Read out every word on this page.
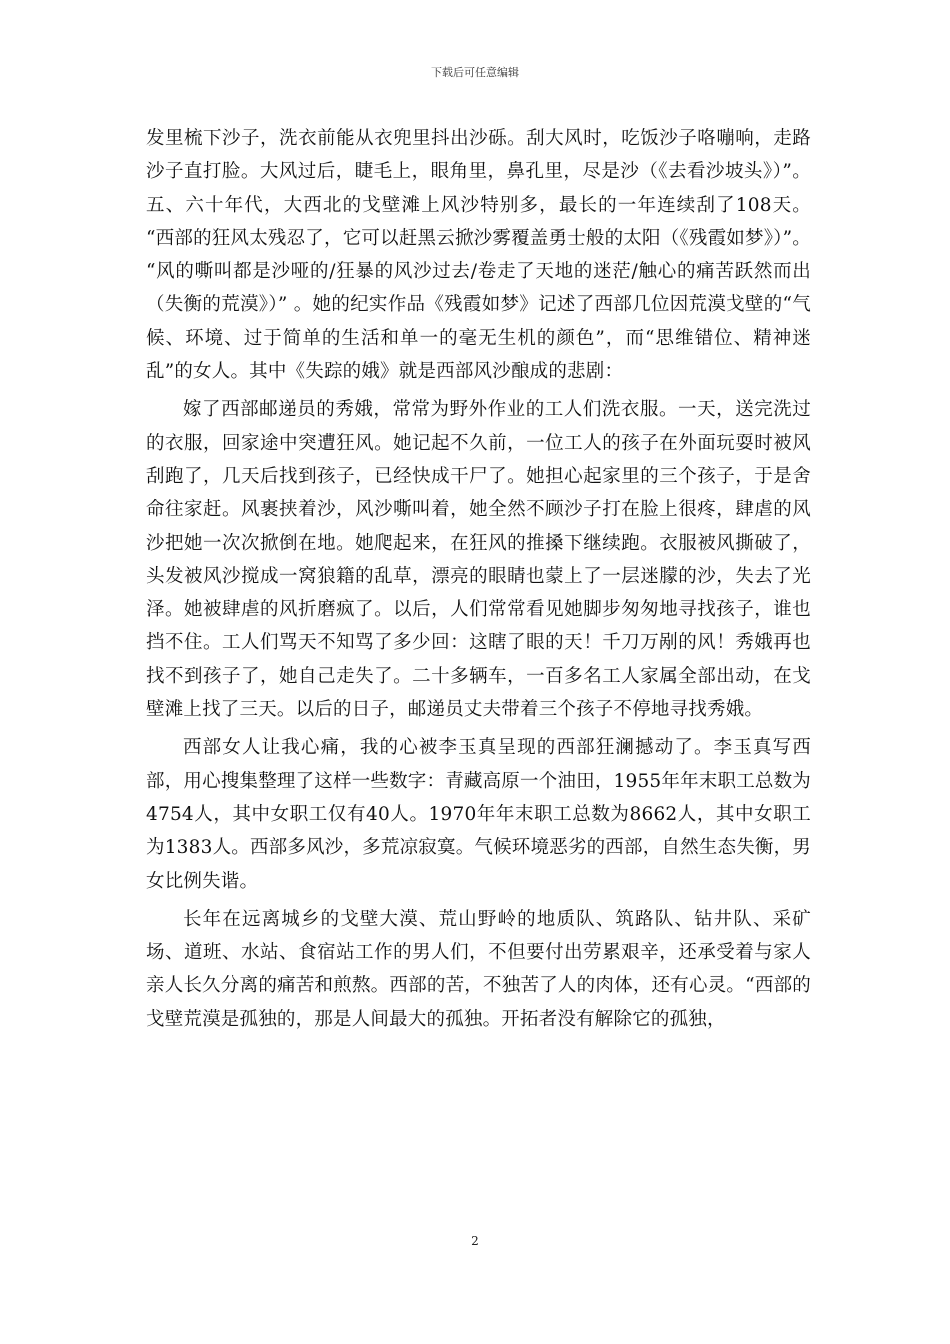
下载后可任意编辑

发里梳下沙子，洗衣前能从衣兜里抖出沙砾。刮大风时，吃饭沙子咯嘣响，走路沙子直打脸。大风过后，睫毛上，眼角里，鼻孔里，尽是沙（《去看沙坡头》）”。五、六十年代，大西北的戈壁滩上风沙特别多，最长的一年连续刮了108天。 “西部的狂风太残忍了，它可以赶黑云掀沙雾覆盖勇士般的太阳（《残霞如梦》）”。 “风的嘶叫都是沙哑的/狂暴的风沙过去/卷走了天地的迷茫/触心的痛苦跃然而出（失衡的荒漠》）” 。她的纪实作品《残霞如梦》记述了西部几位因荒漠戈壁的“气候、环境、过于简单的生活和单一的毫无生机的颜色”，而“思维错位、精神迷乱”的女人。其中《失踪的娥》就是西部风沙酿成的悲剧：

嫁了西部邮递员的秀娥，常常为野外作业的工人们洗衣服。一天，送完洗过的衣服，回家途中突遭狂风。她记起不久前，一位工人的孩子在外面玩耍时被风刮跑了，几天后找到孩子，已经快成干尸了。她担心起家里的三个孩子，于是舍命往家赶。风裹挟着沙，风沙嘶叫着，她全然不顾沙子打在脸上很疼，肆虐的风沙把她一次次掀倒在地。她爬起来，在狂风的推搡下继续跑。衣服被风撕破了，头发被风沙搅成一窝狼籍的乱草，漂亮的眼睛也蒙上了一层迷朦的沙，失去了光泽。她被肆虐的风折磨疯了。以后，人们常常看见她脚步匆匆地寻找孩子，谁也挡不住。工人们骂天不知骂了多少回：这瞎了眼的天！千刀万剐的风！秀娥再也找不到孩子了，她自己走失了。二十多辆车，一百多名工人家属全部出动，在戈壁滩上找了三天。以后的日子，邮递员丈夫带着三个孩子不停地寻找秀娥。

西部女人让我心痛，我的心被李玉真呈现的西部狂澜撼动了。李玉真写西部，用心搜集整理了这样一些数字：青藏高原一个油田，1955年年末职工总数为4754人，其中女职工仅有40人。1970年年末职工总数为8662人，其中女职工为1383人。西部多风沙，多荒凉寂寞。气候环境恶劣的西部，自然生态失衡，男女比例失谐。

长年在远离城乡的戈壁大漠、荒山野岭的地质队、筑路队、钻井队、采矿场、道班、水站、食宿站工作的男人们，不但要付出劳累艰辛，还承受着与家人亲人长久分离的痛苦和煎熬。西部的苦，不独苦了人的肉体，还有心灵。“西部的戈壁荒漠是孤独的，那是人间最大的孤独。开拓者没有解除它的孤独，

2
